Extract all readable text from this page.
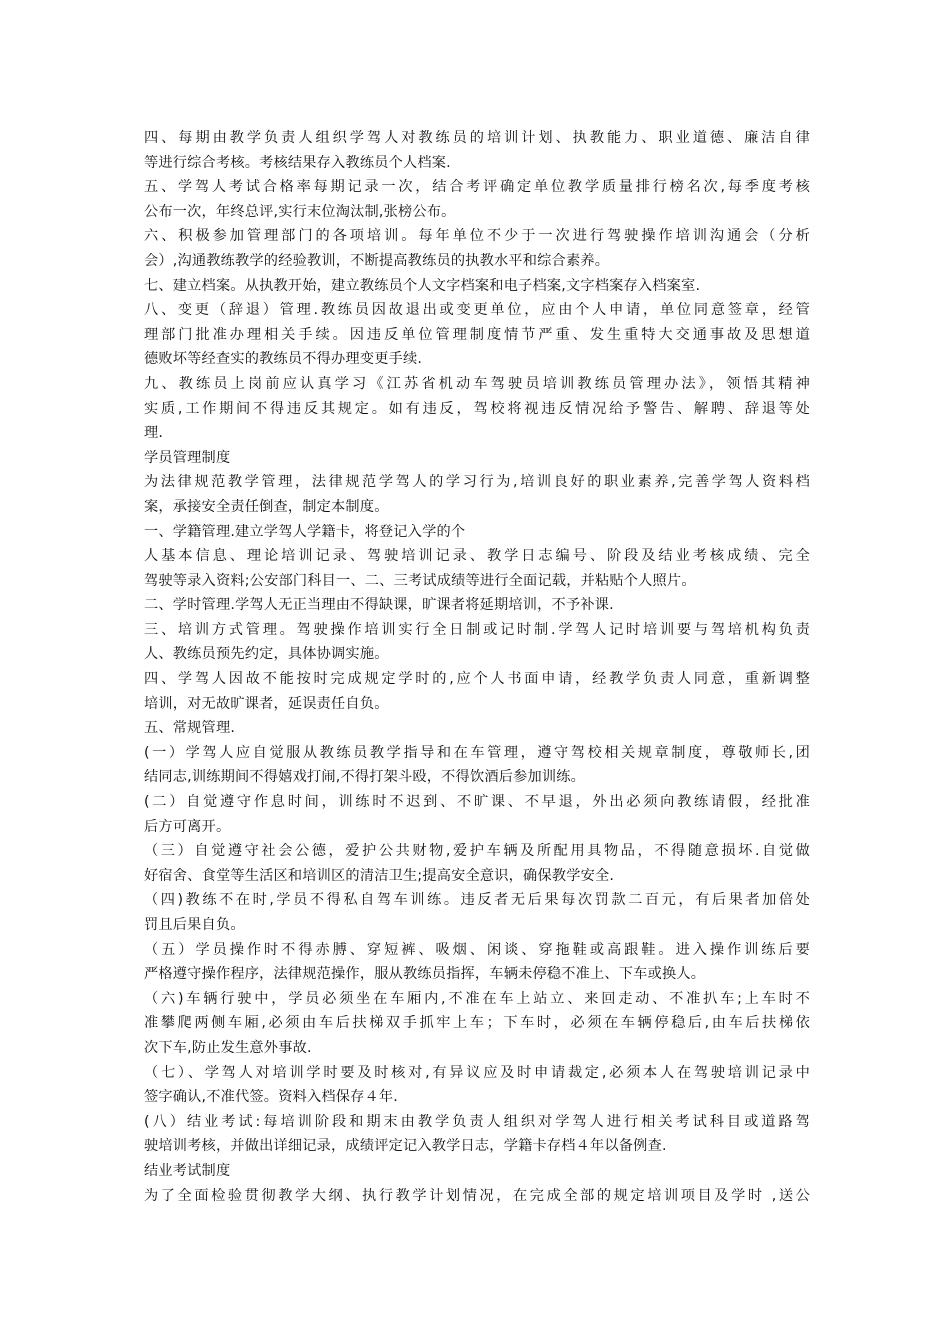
四、每期由教学负责人组织学驾人对教练员的培训计划、执教能力、职业道德、廉洁自律
等进行综合考核。考核结果存入教练员个人档案.
五、学驾人考试合格率每期记录一次，结合考评确定单位教学质量排行榜名次,每季度考核
公布一次，年终总评,实行末位淘汰制,张榜公布。
六、积极参加管理部门的各项培训。每年单位不少于一次进行驾驶操作培训沟通会（分析
会）,沟通教练教学的经验教训，不断提高教练员的执教水平和综合素养。
七、建立档案。从执教开始，建立教练员个人文字档案和电子档案,文字档案存入档案室.
八、变更（辞退）管理.教练员因故退出或变更单位，应由个人申请，单位同意签章，经管
理部门批准办理相关手续。因违反单位管理制度情节严重、发生重特大交通事故及思想道
德败坏等经查实的教练员不得办理变更手续.
九、教练员上岗前应认真学习《江苏省机动车驾驶员培训教练员管理办法》，领悟其精神
实质,工作期间不得违反其规定。如有违反，驾校将视违反情况给予警告、解聘、辞退等处
理.
学员管理制度
为法律规范教学管理，法律规范学驾人的学习行为,培训良好的职业素养,完善学驾人资料档
案，承接安全责任倒查，制定本制度。
一、学籍管理.建立学驾人学籍卡，将登记入学的个
人基本信息、理论培训记录、驾驶培训记录、教学日志编号、阶段及结业考核成绩、完全
驾驶等录入资料;公安部门科目一、二、三考试成绩等进行全面记载，并粘贴个人照片。
二、学时管理.学驾人无正当理由不得缺课，旷课者将延期培训，不予补课.
三、培训方式管理。驾驶操作培训实行全日制或记时制.学驾人记时培训要与驾培机构负责
人、教练员预先约定，具体协调实施。
四、学驾人因故不能按时完成规定学时的,应个人书面申请，经教学负责人同意，重新调整
培训，对无故旷课者，延误责任自负。
五、常规管理.
(一）学驾人应自觉服从教练员教学指导和在车管理，遵守驾校相关规章制度，尊敬师长,团
结同志,训练期间不得嬉戏打闹,不得打架斗殴，不得饮酒后参加训练。
(二）自觉遵守作息时间，训练时不迟到、不旷课、不早退，外出必须向教练请假，经批准
后方可离开。
（三）自觉遵守社会公德，爱护公共财物,爱护车辆及所配用具物品，不得随意损坏.自觉做
好宿舍、食堂等生活区和培训区的清洁卫生;提高安全意识，确保教学安全.
（四)教练不在时,学员不得私自驾车训练。违反者无后果每次罚款二百元，有后果者加倍处
罚且后果自负。
（五）学员操作时不得赤膊、穿短裤、吸烟、闲谈、穿拖鞋或高跟鞋。进入操作训练后要
严格遵守操作程序，法律规范操作，服从教练员指挥，车辆未停稳不准上、下车或换人。
（六)车辆行驶中，学员必须坐在车厢内,不准在车上站立、来回走动、不准扒车;上车时不
准攀爬两侧车厢,必须由车后扶梯双手抓牢上车；下车时，必须在车辆停稳后,由车后扶梯依
次下车,防止发生意外事故.
（七）、学驾人对培训学时要及时核对,有异议应及时申请裁定,必须本人在驾驶培训记录中
签字确认,不准代签。资料入档保存４年.
(八）结业考试:每培训阶段和期末由教学负责人组织对学驾人进行相关考试科目或道路驾
驶培训考核，并做出详细记录，成绩评定记入教学日志，学籍卡存档４年以备例查.
结业考试制度
为了全面检验贯彻教学大纲、执行教学计划情况，在完成全部的规定培训项目及学时 ,送公
